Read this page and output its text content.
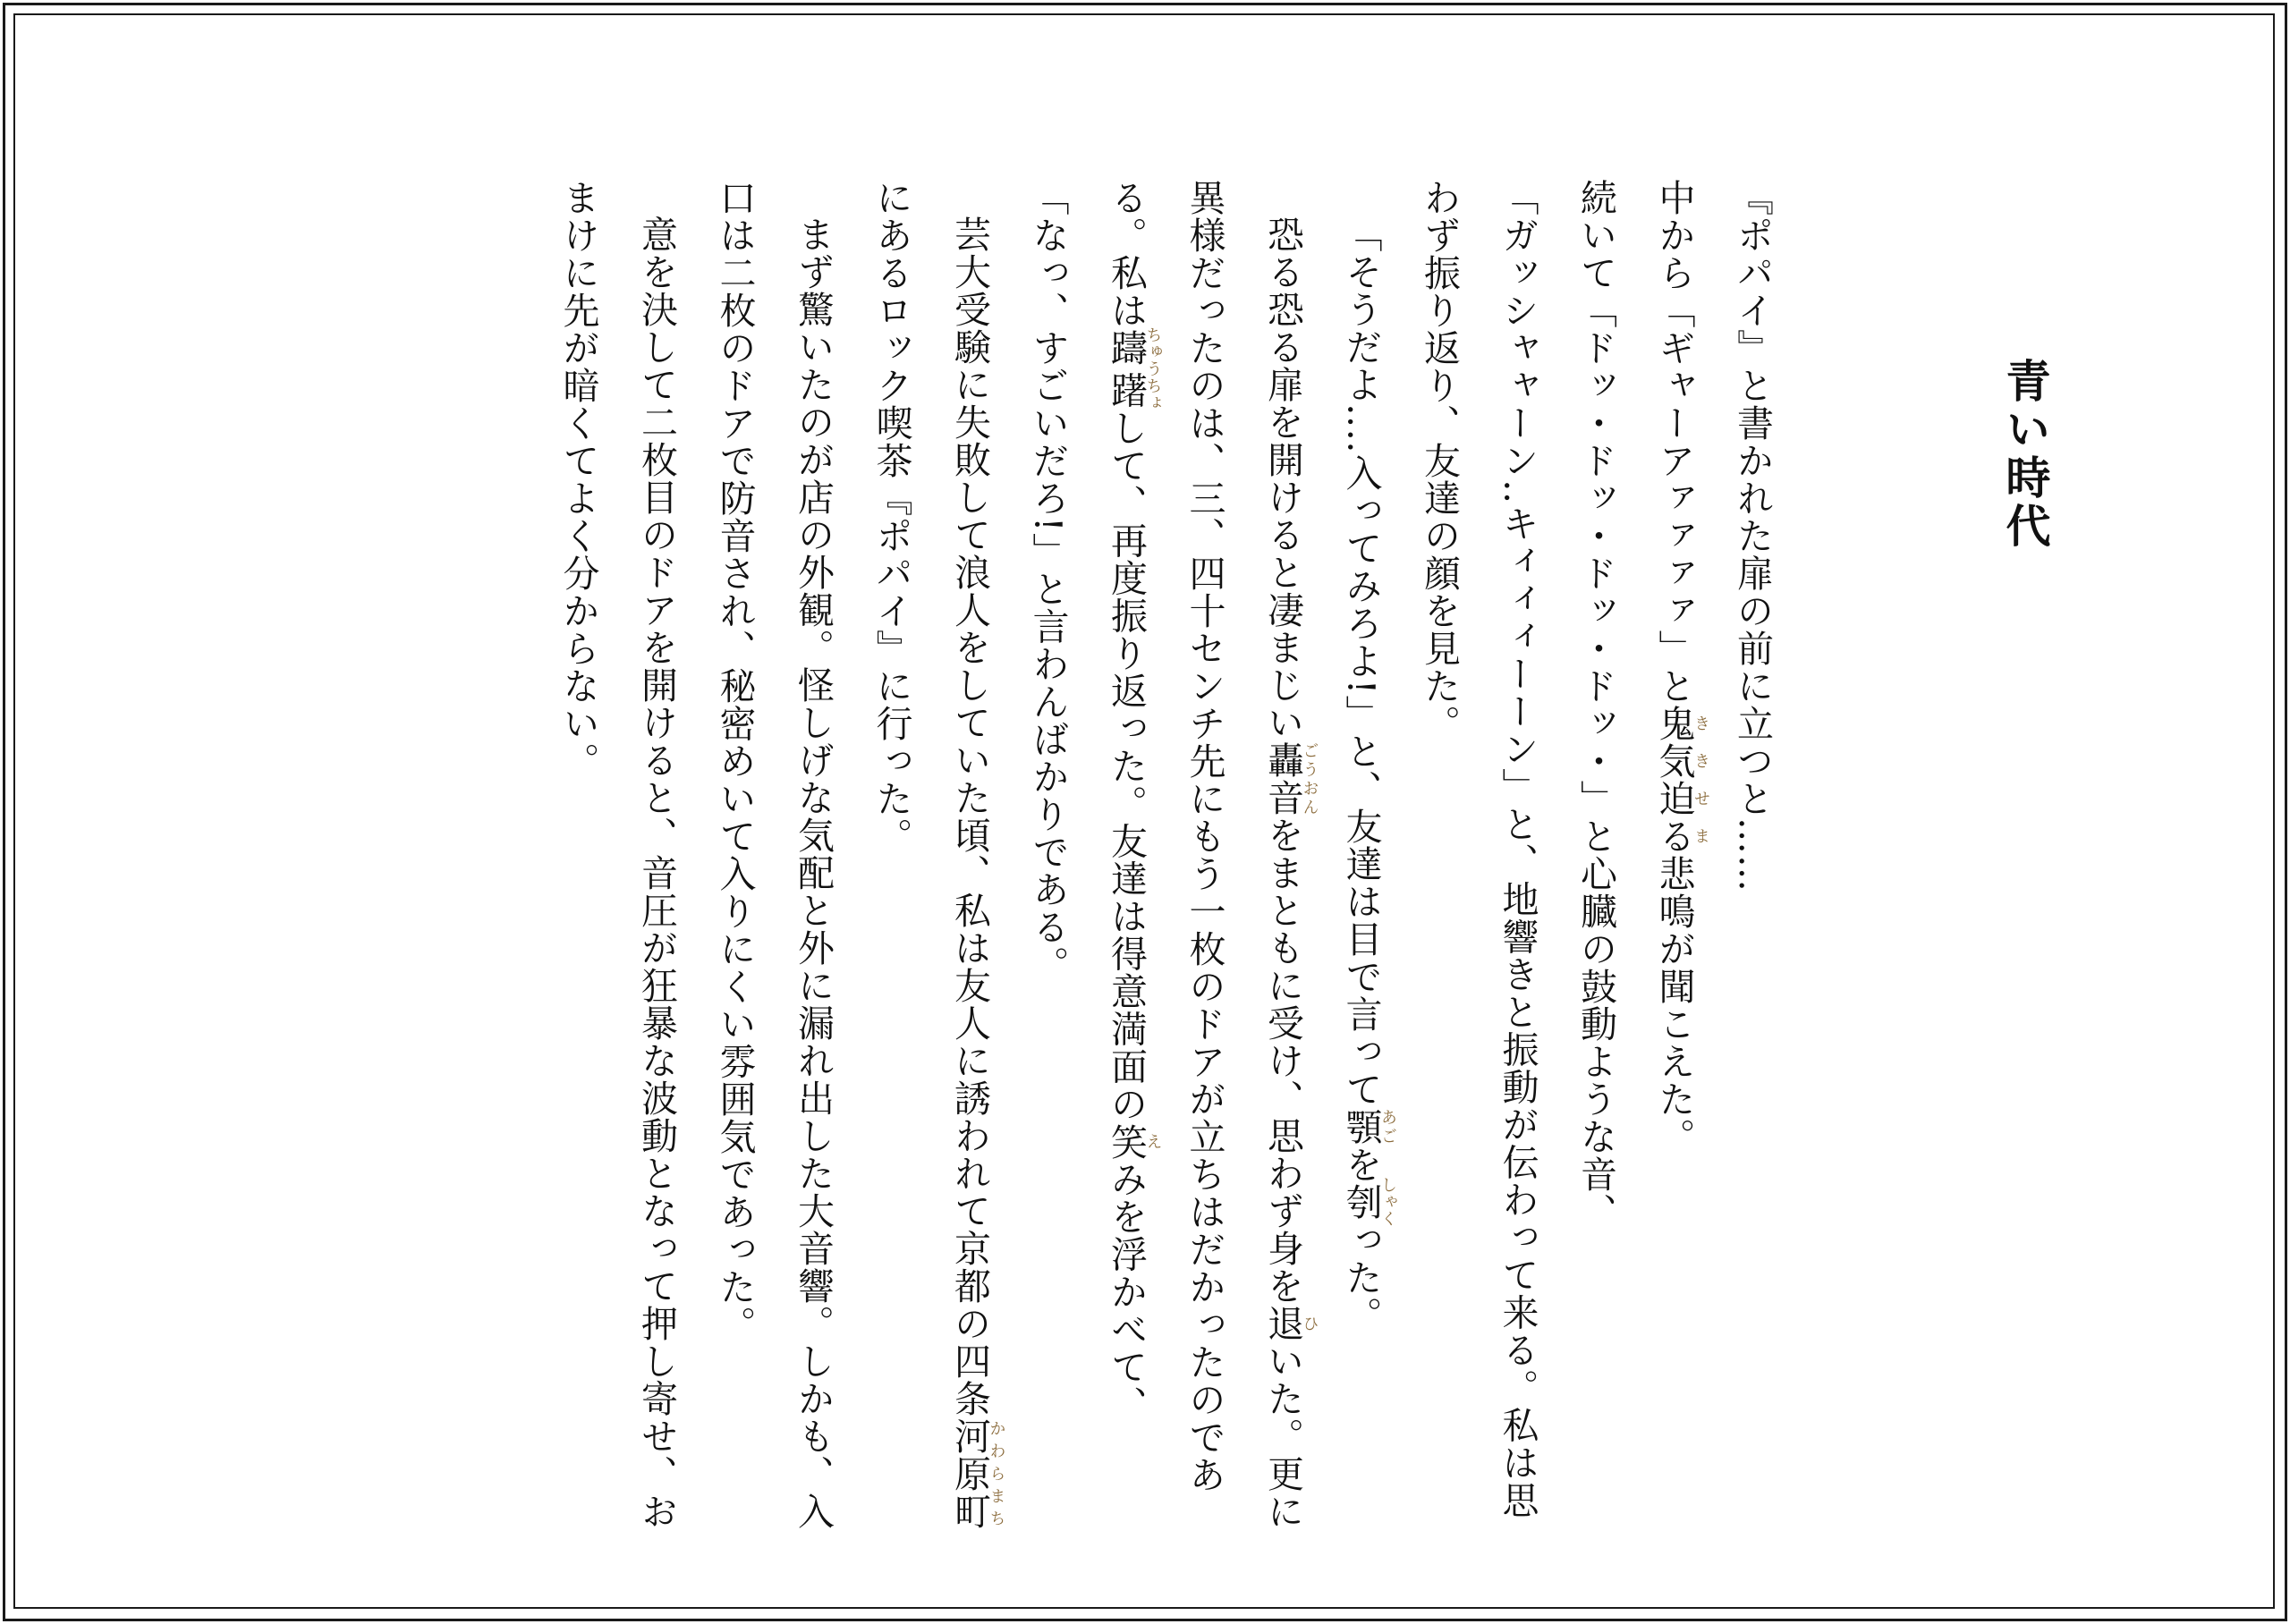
青い時代

『ポパイ』と書かれた扉の前に立つと……

中から「ギャーアァァァァ」と鬼気迫るききせま悲鳴が聞こえた。

続いて「ドッ・ドッ・ドッ・ドッ・」と心臓の鼓動ような音、

「ガッシャャーン‥キィィィーーン」と、地響きと振動が伝わって来る。私は思わず振り返り、友達の顔を見た。

「そうだよ‥‥入ってみろよ!」と、友達は目で言って顎あごを刳しゃくった。

恐る恐る扉を開けると凄まじい轟音ごうおんをまともに受け、思わず身を退ひいた。更に異様だったのは、三、四十センチ先にもう一枚のドアが立ちはだかったのである。私は躊躇ちゅうちょして、再度振り返った。友達は得意満面の笑えみを浮かべて、

「なっ、すごいだろ!」と言わんばかりである。

芸大受験に失敗して浪人をしていた頃、私は友人に誘われて京都の四条河原町かわらまちにあるロック喫茶『ポパイ』に行った。

まず驚いたのが店の外観。怪しげな気配と外に漏れ出した大音響。しかも、入口は二枚のドアで防音され、秘密めいて入りにくい雰囲気であった。

意を決して二枚目のドアを開けると、音圧が狂暴な波動となって押し寄せ、おまけに先が暗くてよく分からない。
